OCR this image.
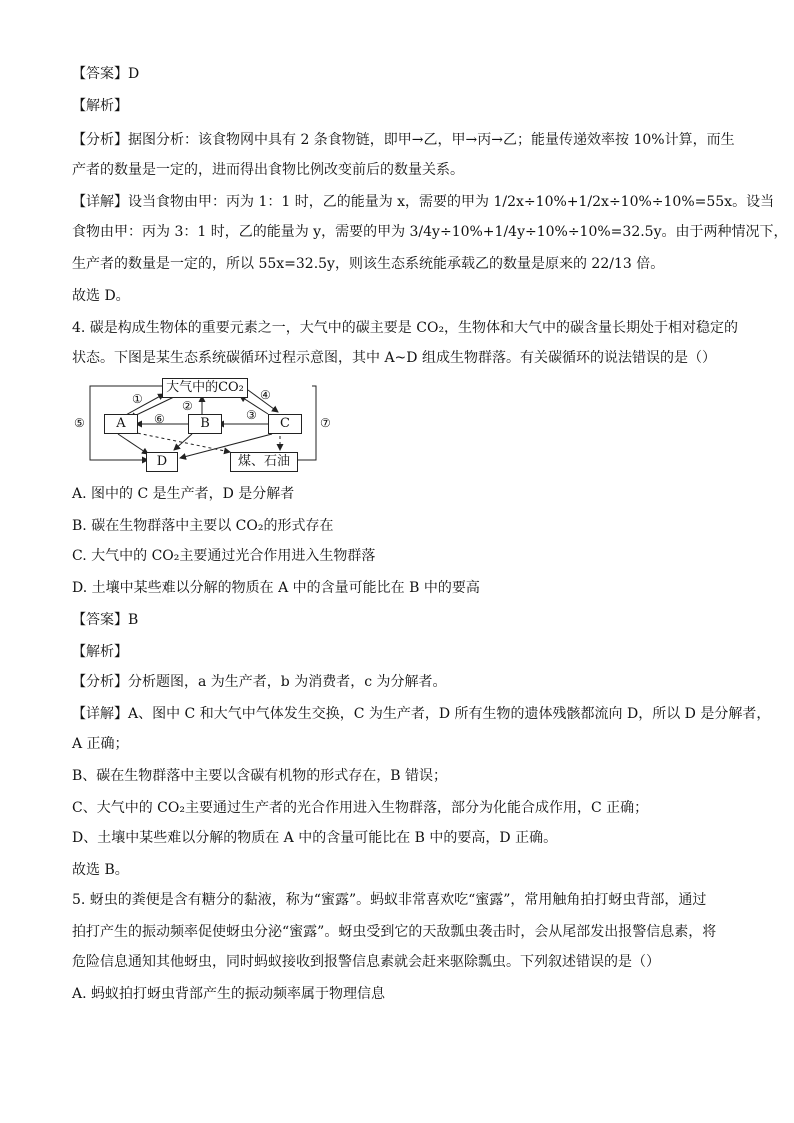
【答案】D
【解析】
【分析】据图分析：该食物网中具有 2 条食物链，即甲→乙，甲→丙→乙；能量传递效率按 10%计算，而生
产者的数量是一定的，进而得出食物比例改变前后的数量关系。
【详解】设当食物由甲：丙为 1：1 时，乙的能量为 x，需要的甲为 1/2x÷10%+1/2x÷10%÷10%=55x。设当
食物由甲：丙为 3：1 时，乙的能量为 y，需要的甲为 3/4y÷10%+1/4y÷10%÷10%=32.5y。由于两种情况下，
生产者的数量是一定的，所以 55x=32.5y，则该生态系统能承载乙的数量是原来的 22/13 倍。
故选 D。
4. 碳是构成生物体的重要元素之一，大气中的碳主要是 CO₂，生物体和大气中的碳含量长期处于相对稳定的
状态。下图是某生态系统碳循环过程示意图，其中 A~D 组成生物群落。有关碳循环的说法错误的是（）
大气中的CO₂
A	B	C
D	煤、石油
①	②
③
④
⑤	⑥	⑦
A. 图中的 C 是生产者，D 是分解者
B. 碳在生物群落中主要以 CO₂的形式存在
C. 大气中的 CO₂主要通过光合作用进入生物群落
D. 土壤中某些难以分解的物质在 A 中的含量可能比在 B 中的要高
【答案】B
【解析】
【分析】分析题图，a 为生产者，b 为消费者，c 为分解者。
【详解】A、图中 C 和大气中气体发生交换，C 为生产者，D 所有生物的遗体残骸都流向 D，所以 D 是分解者，
A 正确；
B、碳在生物群落中主要以含碳有机物的形式存在，B 错误；
C、大气中的 CO₂主要通过生产者的光合作用进入生物群落，部分为化能合成作用，C 正确；
D、土壤中某些难以分解的物质在 A 中的含量可能比在 B 中的要高，D 正确。
故选 B。
5. 蚜虫的粪便是含有糖分的黏液，称为“蜜露”。蚂蚁非常喜欢吃“蜜露”，常用触角拍打蚜虫背部，通过
拍打产生的振动频率促使蚜虫分泌“蜜露”。蚜虫受到它的天敌瓢虫袭击时，会从尾部发出报警信息素，将
危险信息通知其他蚜虫，同时蚂蚁接收到报警信息素就会赶来驱除瓢虫。下列叙述错误的是（）
A. 蚂蚁拍打蚜虫背部产生的振动频率属于物理信息
